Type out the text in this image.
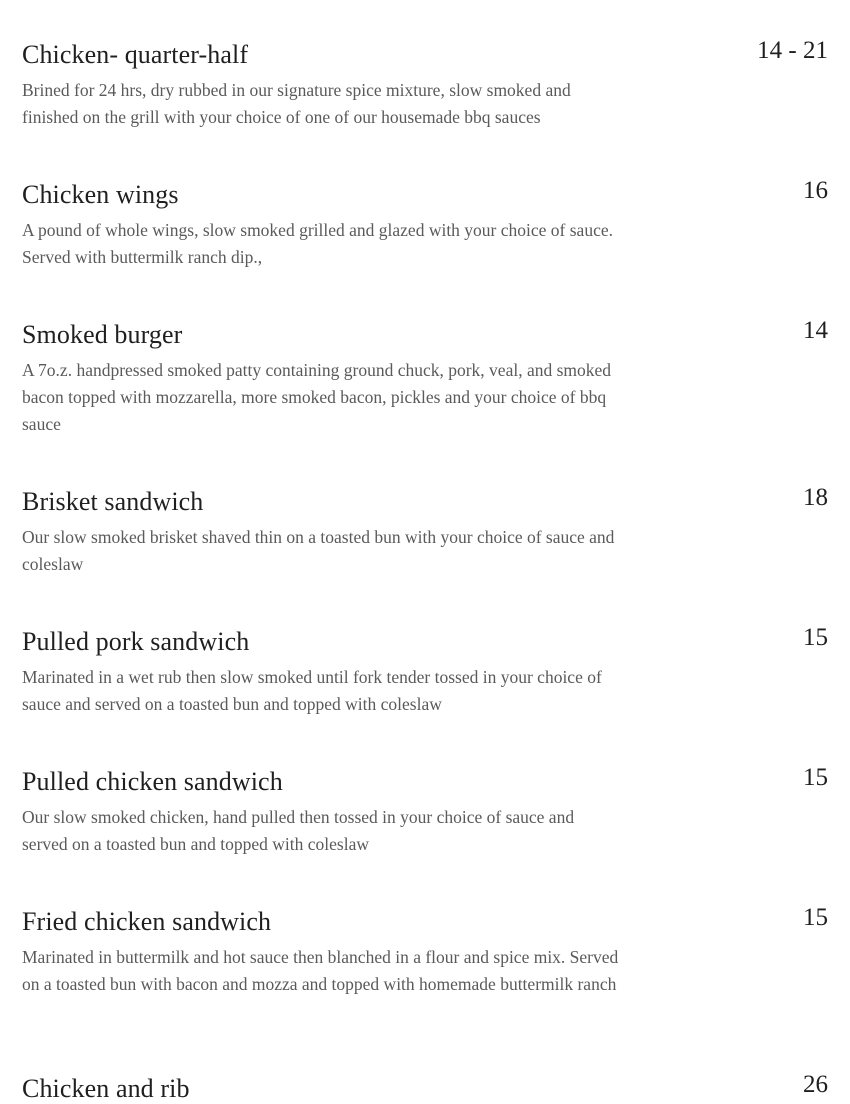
Chicken- quarter-half	14 - 21
Brined for 24 hrs, dry rubbed in our signature spice mixture, slow smoked and finished on the grill with your choice of one of our housemade bbq sauces
Chicken wings	16
A pound of whole wings, slow smoked grilled and glazed with your choice of sauce. Served with buttermilk ranch dip.,
Smoked burger	14
A 7o.z. handpressed smoked patty containing ground chuck, pork, veal, and smoked bacon topped with mozzarella, more smoked bacon, pickles and your choice of bbq sauce
Brisket sandwich	18
Our slow smoked brisket shaved thin on a toasted bun with your choice of sauce and coleslaw
Pulled pork sandwich	15
Marinated in a wet rub then slow smoked until fork tender tossed in your choice of sauce and served on a toasted bun and topped with coleslaw
Pulled chicken sandwich	15
Our slow smoked chicken, hand pulled then tossed in your choice of sauce and served on a toasted bun and topped with coleslaw
Fried chicken sandwich	15
Marinated in buttermilk and hot sauce then blanched in a flour and spice mix. Served on a toasted bun with bacon and mozza and topped with homemade buttermilk ranch
Chicken and rib	26
